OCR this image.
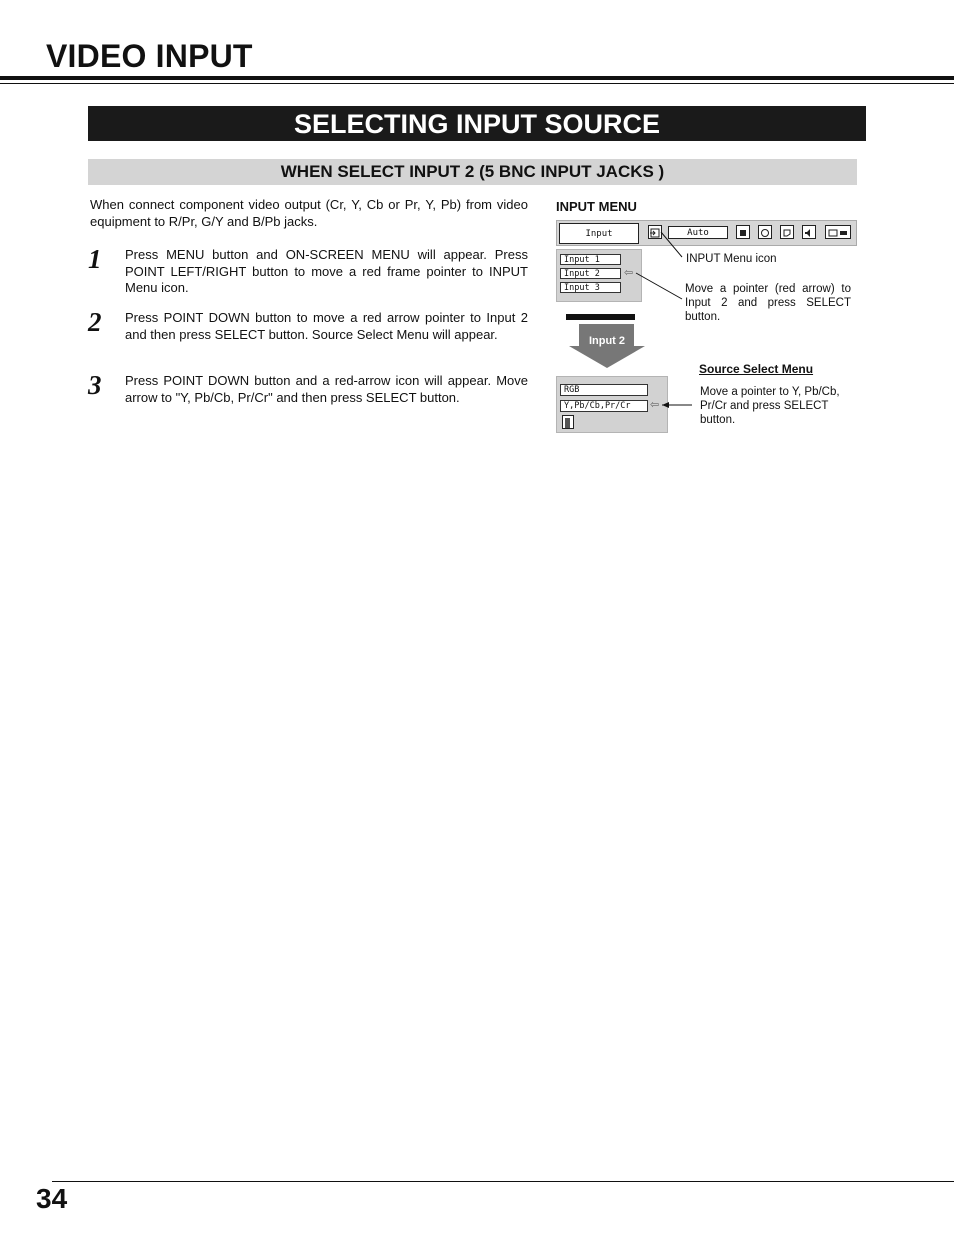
VIDEO INPUT
SELECTING INPUT SOURCE
WHEN SELECT INPUT 2 (5 BNC INPUT JACKS )

When connect component video output (Cr, Y, Cb or Pr, Y, Pb) from video equipment to R/Pr, G/Y and B/Pb jacks.

1 Press MENU button and ON-SCREEN MENU will appear. Press POINT LEFT/RIGHT button to move a red frame pointer to INPUT Menu icon.

2 Press POINT DOWN button to move a red arrow pointer to Input 2 and then press SELECT button. Source Select Menu will appear.

3 Press POINT DOWN button and a red-arrow icon will appear. Move arrow to "Y, Pb/Cb, Pr/Cr" and then press SELECT button.

INPUT MENU
Input	Auto
Input 1
Input 2
Input 3
⇦

INPUT Menu icon

Move a pointer (red arrow) to Input 2 and press SELECT button.

Input 2
Source Select Menu
RGB
Y,Pb/Cb,Pr/Cr	⇦

Move a pointer to Y, Pb/Cb, Pr/Cr and press SELECT button.

34
